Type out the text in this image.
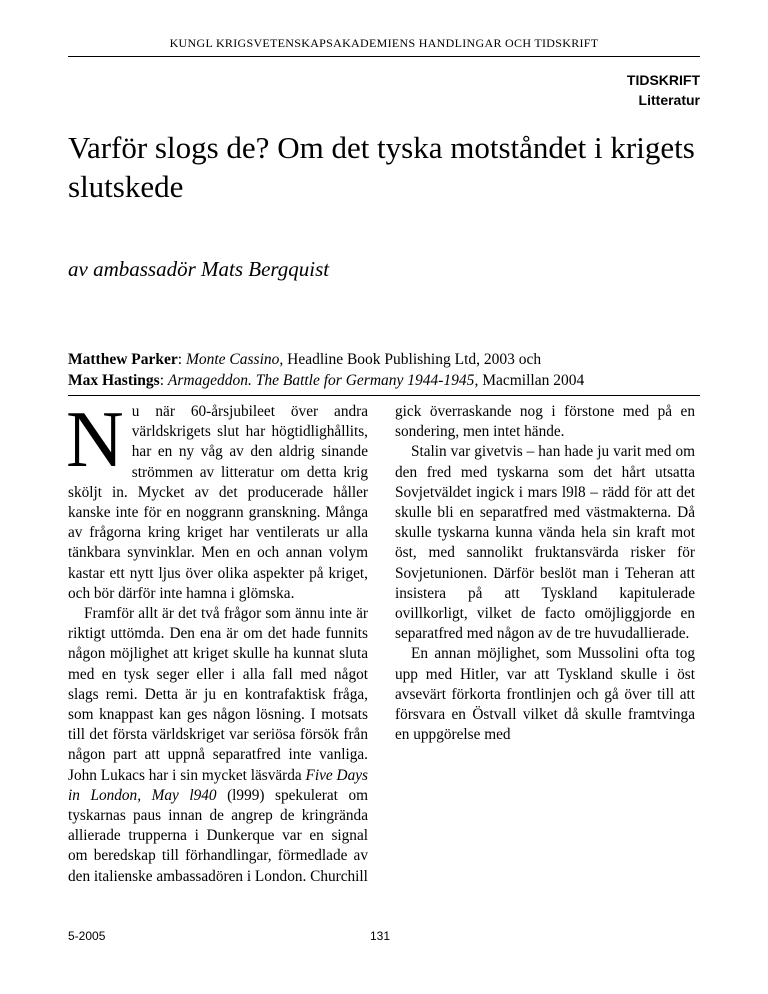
KUNGL KRIGSVETENSKAPSAKADEMIENS HANDLINGAR OCH TIDSKRIFT
TIDSKRIFT
Litteratur
Varför slogs de? Om det tyska motståndet i krigets slutskede
av ambassadör Mats Bergquist
Matthew Parker: Monte Cassino, Headline Book Publishing Ltd, 2003 och
Max Hastings: Armageddon. The Battle for Germany 1944-1945, Macmillan 2004

Nu när 60-årsjubileet över andra världskrigets slut har högtidlighållits, har en ny våg av den aldrig sinande strömmen av litteratur om detta krig sköljt in. Mycket av det producerade håller kanske inte för en noggrann granskning. Många av frågorna kring kriget har ventilerats ur alla tänkbara synvinklar. Men en och annan volym kastar ett nytt ljus över olika aspekter på kriget, och bör därför inte hamna i glömska.

Framför allt är det två frågor som ännu inte är riktigt uttömda. Den ena är om det hade funnits någon möjlighet att kriget skulle ha kunnat sluta med en tysk seger eller i alla fall med något slags remi. Detta är ju en kontrafaktisk fråga, som knappast kan ges någon lösning. I motsats till det första världskriget var seriösa försök från någon part att uppnå separatfred inte vanliga. John Lukacs har i sin mycket läsvärda Five Days in London, May l940 (l999) spekulerat om tyskarnas paus innan de angrep de kringrända allierade trupperna i Dunkerque var en signal om beredskap till förhandlingar, förmedlade av den italienske ambassadören i London. Churchill

gick överraskande nog i förstone med på en sondering, men intet hände.

Stalin var givetvis – han hade ju varit med om den fred med tyskarna som det hårt utsatta Sovjetväldet ingick i mars l9l8 – rädd för att det skulle bli en separatfred med västmakterna. Då skulle tyskarna kunna vända hela sin kraft mot öst, med sannolikt fruktansvärda risker för Sovjetunionen. Därför beslöt man i Teheran att insistera på att Tyskland kapitulerade ovillkorligt, vilket de facto omöjliggjorde en separatfred med någon av de tre huvudallierade.

En annan möjlighet, som Mussolini ofta tog upp med Hitler, var att Tyskland skulle i öst avsevärt förkorta frontlinjen och gå över till att försvara en Östvall vilket då skulle framtvinga en uppgörelse med

5-2005	131
